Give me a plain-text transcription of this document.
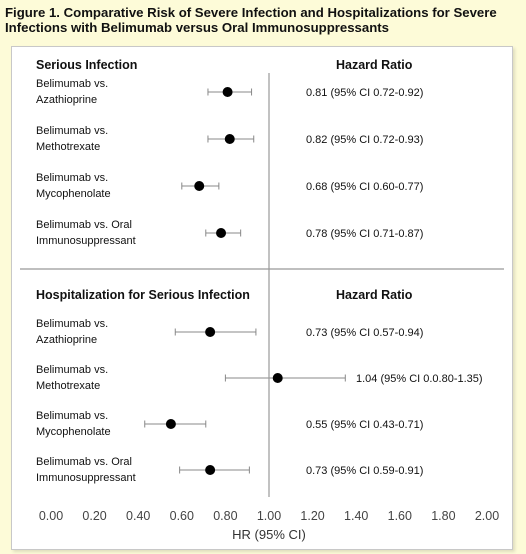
Figure 1. Comparative Risk of Severe Infection and Hospitalizations for Severe Infections with Belimumab versus Oral Immunosuppressants
Serious Infection	Hazard Ratio
Belimumab vs.
Azathioprine
0.81 (95% CI 0.72-0.92)
Belimumab vs.
Methotrexate
0.82 (95% CI 0.72-0.93)
Belimumab vs.
Mycophenolate
0.68 (95% CI 0.60-0.77)
Belimumab vs. Oral
Immunosuppressant
0.78 (95% CI 0.71-0.87)
Hospitalization for Serious Infection	Hazard Ratio
Belimumab vs.
Azathioprine
0.73 (95% CI 0.57-0.94)
Belimumab vs.
Methotrexate
1.04 (95% CI 0.0.80-1.35)
Belimumab vs.
Mycophenolate
0.55 (95% CI 0.43-0.71)
Belimumab vs. Oral
Immunosuppressant
0.73 (95% CI 0.59-0.91)
0.00 0.20 0.40 0.60 0.80 1.00 1.20 1.40 1.60 1.80 2.00
HR (95% CI)
